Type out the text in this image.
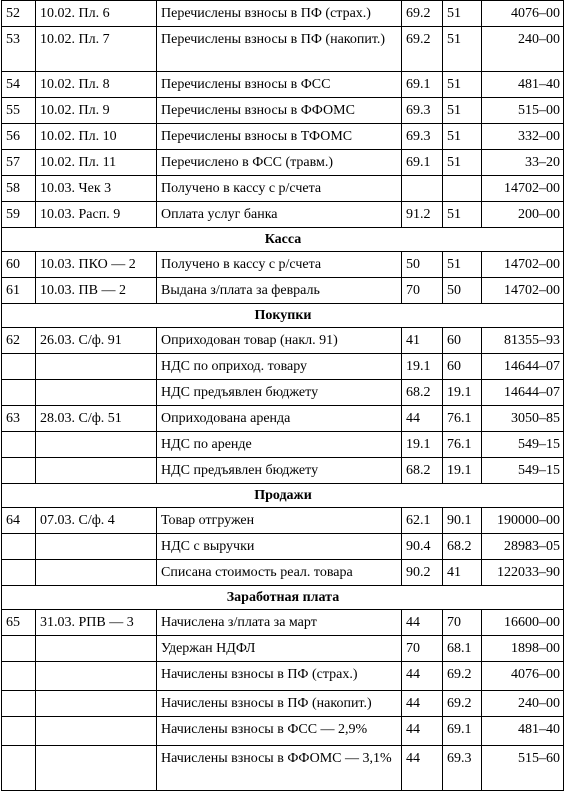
52	10.02. Пл. 6	Перечислены взносы в ПФ (страх.)	69.2	51	4076–00
53	10.02. Пл. 7	Перечислены взносы в ПФ (накопит.)	69.2	51	240–00
54	10.02. Пл. 8	Перечислены взносы в ФСС	69.1	51	481–40
55	10.02. Пл. 9	Перечислены взносы в ФФОМС	69.3	51	515–00
56	10.02. Пл. 10	Перечислены взносы в ТФОМС	69.3	51	332–00
57	10.02. Пл. 11	Перечислено в ФСС (травм.)	69.1	51	33–20
58	10.03. Чек 3	Получено в кассу с р/счета			14702–00
59	10.03. Расп. 9	Оплата услуг банка	91.2	51	200–00
Касса					
60	10.03. ПКО — 2	Получено в кассу с р/счета	50	51	14702–00
61	10.03. ПВ — 2	Выдана з/плата за февраль	70	50	14702–00
Покупки					
62	26.03. С/ф. 91	Оприходован товар (накл. 91)	41	60	81355–93
		НДС по оприход. товару	19.1	60	14644–07
		НДС предъявлен бюджету	68.2	19.1	14644–07
63	28.03. С/ф. 51	Оприходована аренда	44	76.1	3050–85
		НДС по аренде	19.1	76.1	549–15
		НДС предъявлен бюджету	68.2	19.1	549–15
Продажи					
64	07.03. С/ф. 4	Товар отгружен	62.1	90.1	190000–00
		НДС с выручки	90.4	68.2	28983–05
		Списана стоимость реал. товара	90.2	41	122033–90
Заработная плата					
65	31.03. РПВ — 3	Начислена з/плата за март	44	70	16600–00
		Удержан НДФЛ	70	68.1	1898–00
		Начислены взносы в ПФ (страх.)	44	69.2	4076–00
		Начислены взносы в ПФ (накопит.)	44	69.2	240–00
		Начислены взносы в ФСС — 2,9%	44	69.1	481–40
		Начислены взносы в ФФОМС — 3,1%	44	69.3	515–60
